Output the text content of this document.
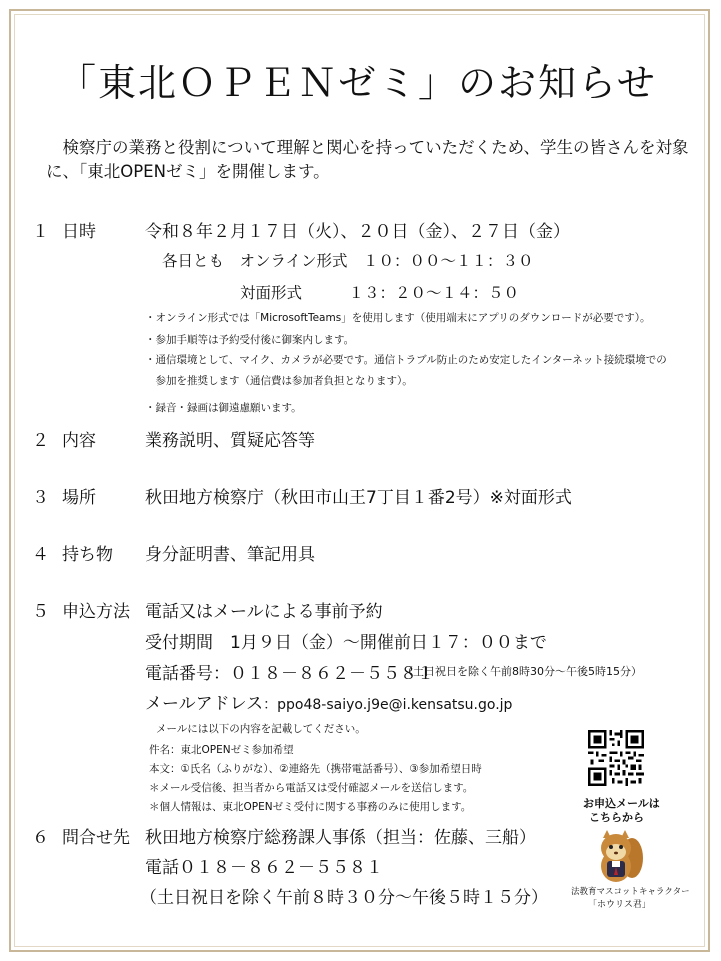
「東北ＯＰＥＮゼミ」のお知らせ
　検察庁の業務と役割について理解と関心を持っていただくため、学生の皆さんを対象に、「東北OPENゼミ」を開催します。
１ 日時	令和８年２月１７日（火）、２０日（金）、２７日（金）
各日とも　オンライン形式　１０：００～１１：３０
対面形式　　　１３：２０～１４：５０
・オンライン形式では「MicrosoftTeams」を使用します（使用端末にアプリのダウンロードが必要です）。
・参加手順等は予約受付後に御案内します。
・通信環境として、マイク、カメラが必要です。通信トラブル防止のため安定したインターネット接続環境での
　参加を推奨します（通信費は参加者負担となります）。
・録音・録画は御遠慮願います。
２ 内容	業務説明、質疑応答等
３ 場所	秋田地方検察庁（秋田市山王7丁目１番2号）※対面形式
４ 持ち物 身分証明書、筆記用具
５ 申込方法 電話又はメールによる事前予約
受付期間　1月９日（金）～開催前日１７：００まで
電話番号：０１８－８６２－５５８１
（土日祝日を除く午前8時30分～午後5時15分）
メールアドレス：ppo48-saiyo.j9e@i.kensatsu.go.jp
メールには以下の内容を記載してください。
件名：東北OPENゼミ参加希望
本文：①氏名（ふりがな）、②連絡先（携帯電話番号）、③参加希望日時
＊メール受信後、担当者から電話又は受付確認メールを送信します。
＊個人情報は、東北OPENゼミ受付に関する事務のみに使用します。
６ 問合せ先 秋田地方検察庁総務課人事係（担当：佐藤、三船）
電話０１８－８６２－５５８１
（土日祝日を除く午前８時３０分～午後５時１５分）
お申込メールは
こちらから
法教育マスコットキャラクター
「ホウリス君」
